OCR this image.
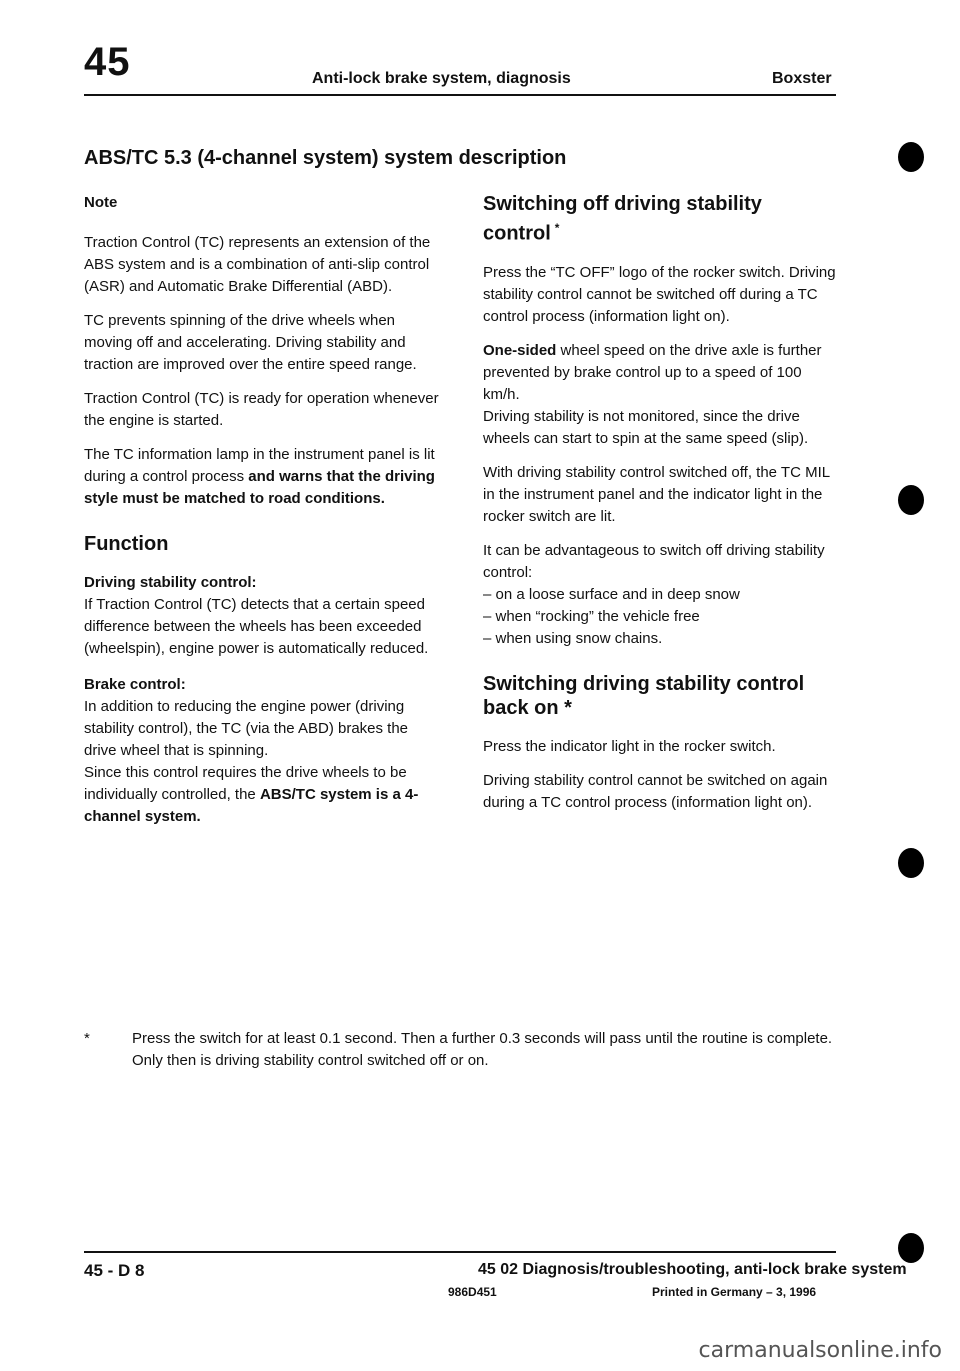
45	Anti-lock brake system, diagnosis	Boxster
ABS/TC 5.3 (4-channel system) system description

Note

Traction Control (TC) represents an extension of the ABS system and is a combination of anti-slip control (ASR) and Automatic Brake Differential (ABD).

TC prevents spinning of the drive wheels when moving off and accelerating. Driving stability and traction are improved over the entire speed range.

Traction Control (TC) is ready for operation whenever the engine is started.

The TC information lamp in the instrument panel is lit during a control process and warns that the driving style must be matched to road conditions.

Function

Driving stability control:
If Traction Control (TC) detects that a certain speed difference between the wheels has been exceeded (wheelspin), engine power is automatically reduced.

Brake control:
In addition to reducing the engine power (driving stability control), the TC (via the ABD) brakes the drive wheel that is spinning.
Since this control requires the drive wheels to be individually controlled, the ABS/TC system is a 4-channel system.

Switching off driving stability control *

Press the “TC OFF” logo of the rocker switch. Driving stability control cannot be switched off during a TC control process (information light on).

One-sided wheel speed on the drive axle is further prevented by brake control up to a speed of 100 km/h.
Driving stability is not monitored, since the drive wheels can start to spin at the same speed (slip).

With driving stability control switched off, the TC MIL in the instrument panel and the indicator light in the rocker switch are lit.

It can be advantageous to switch off driving stability control:
– on a loose surface and in deep snow
– when “rocking” the vehicle free
– when using snow chains.

Switching driving stability control
back on *

Press the indicator light in the rocker switch.

Driving stability control cannot be switched on again during a TC control process (information light on).

*	Press the switch for at least 0.1 second. Then a further 0.3 seconds will pass until the routine is complete. Only then is driving stability control switched off or on.
45 - D 8	45 02 Diagnosis/troubleshooting, anti-lock brake system
986D451	Printed in Germany – 3, 1996
carmanualsonline.info
